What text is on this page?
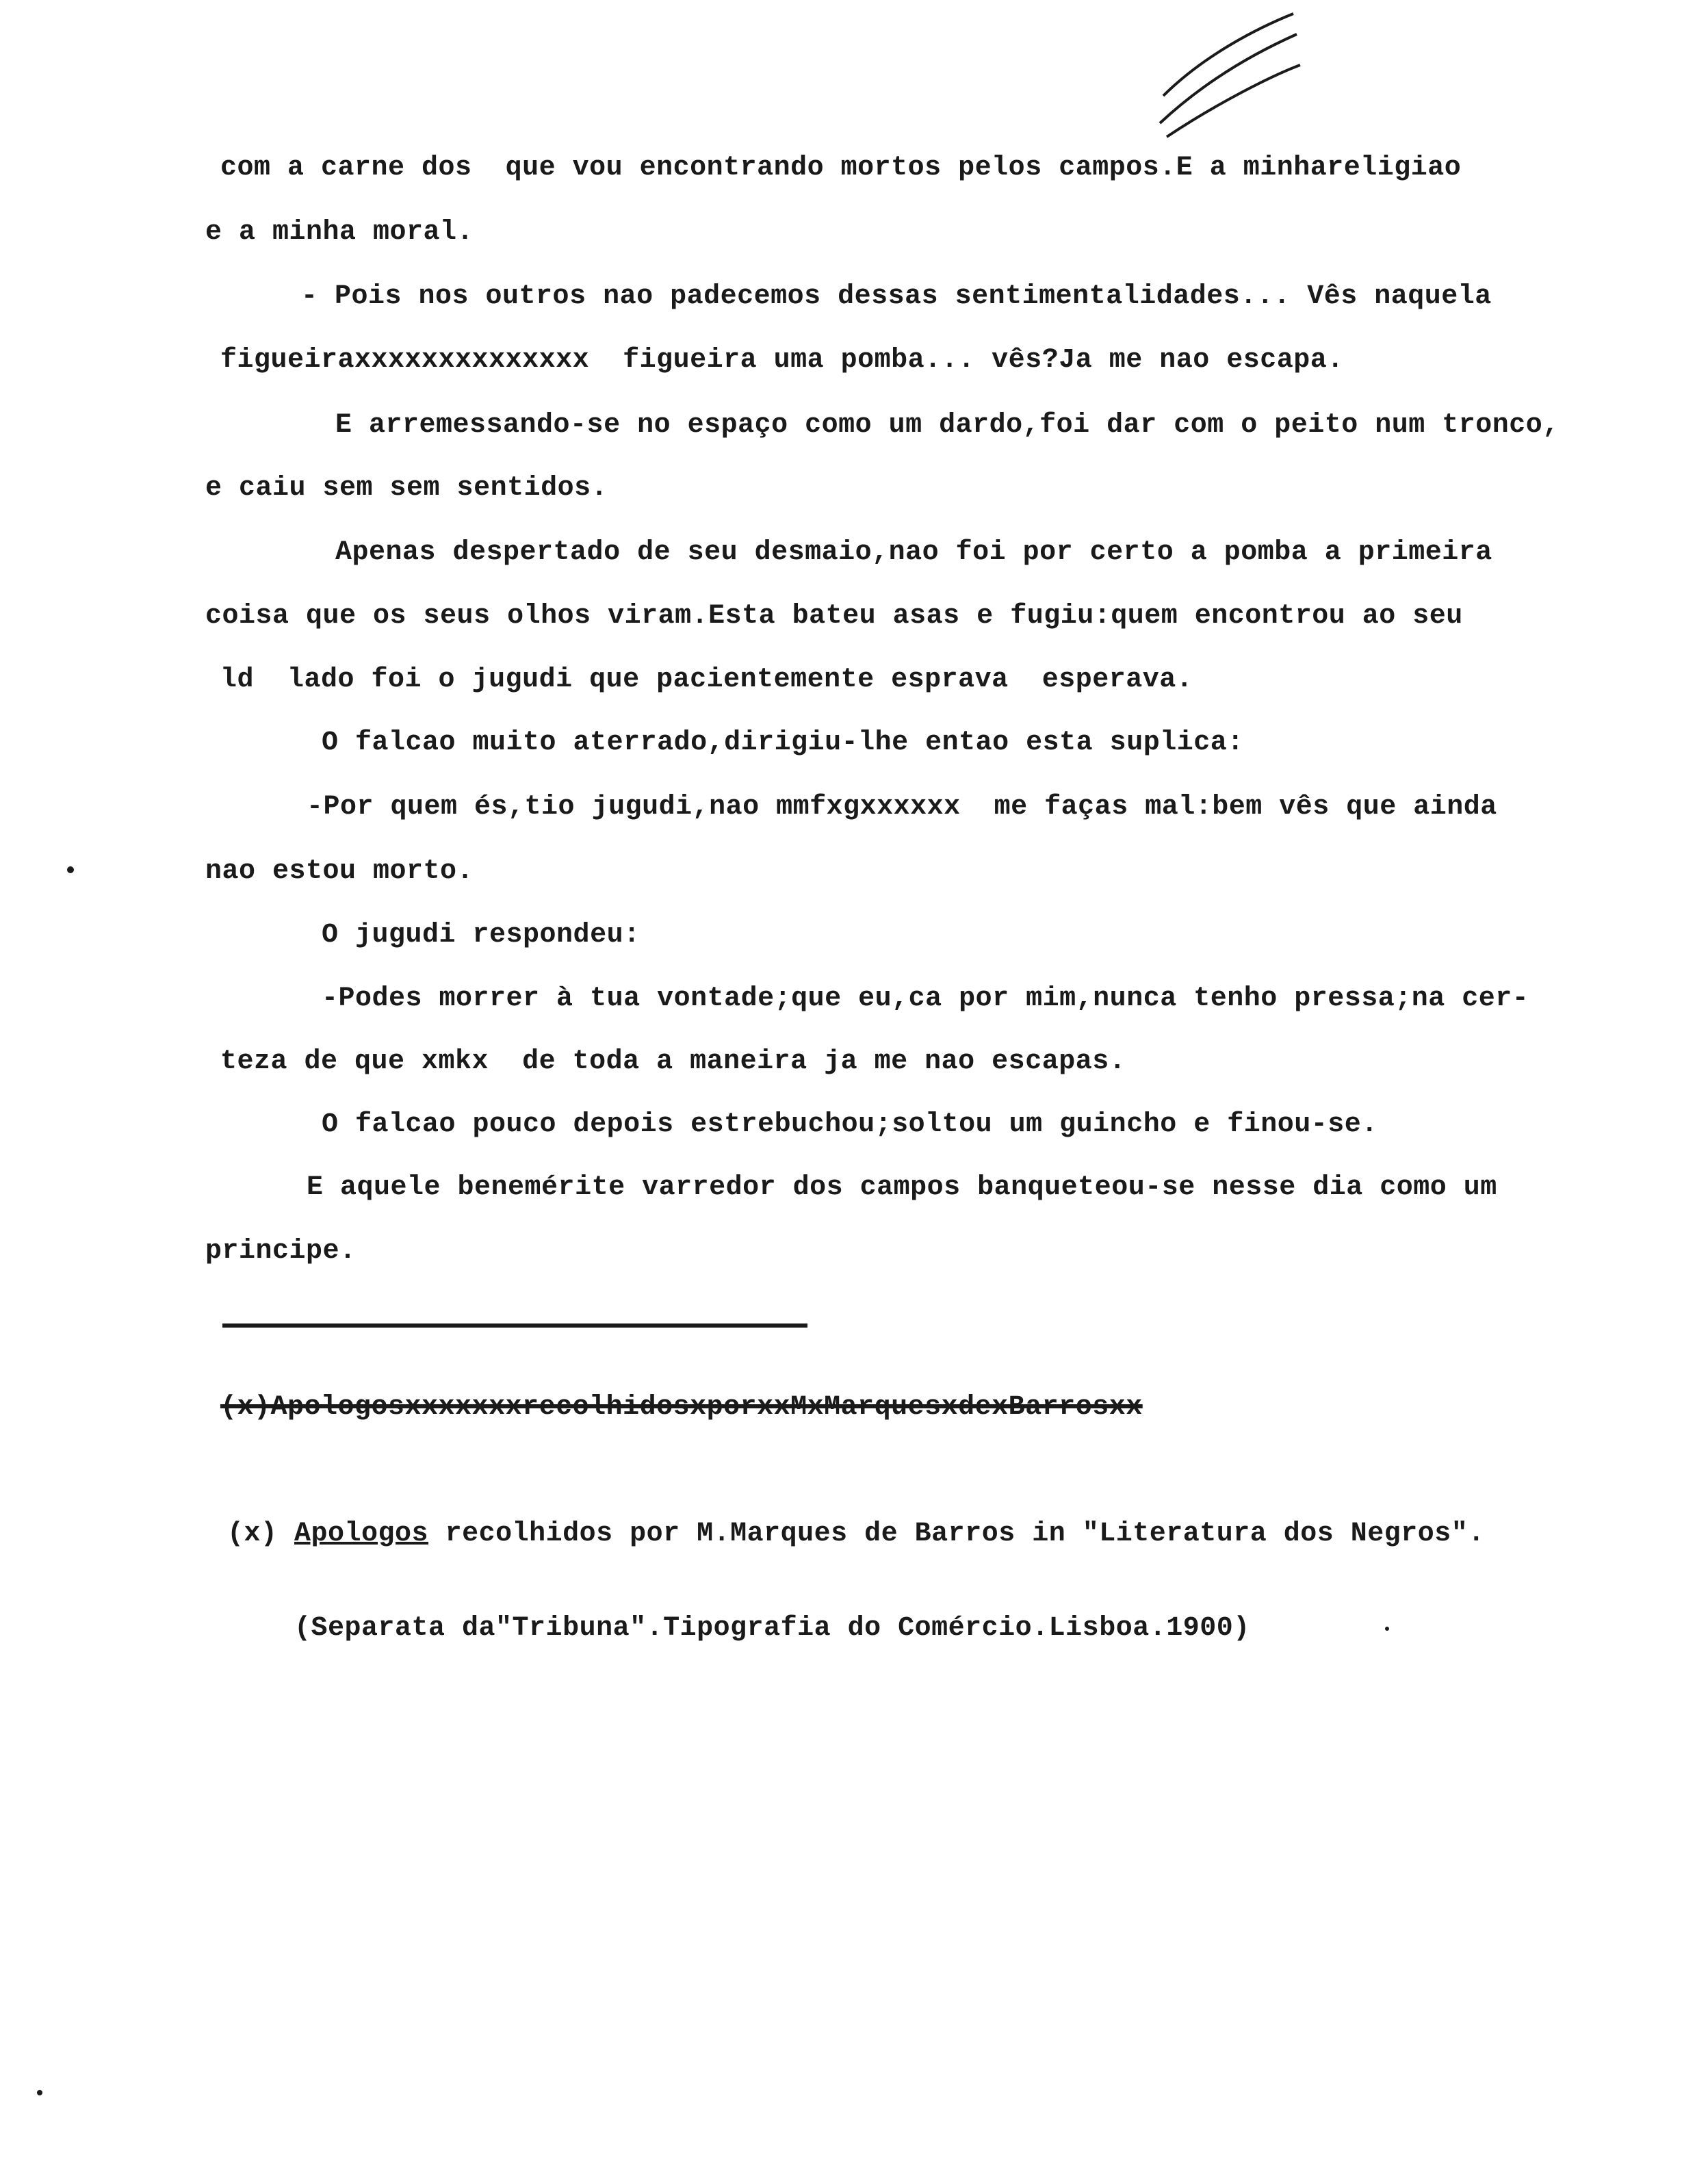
com a carne dos  que vou encontrando mortos pelos campos.E a minhareligiao
e a minha moral.
- Pois nos outros nao padecemos dessas sentimentalidades... Vês naquela
figueiraxxxxxxxxxxxxxx  figueira uma pomba... vês?Ja me nao escapa.
E arremessando-se no espaço como um dardo,foi dar com o peito num tronco,
e caiu sem sem sentidos.
Apenas despertado de seu desmaio,nao foi por certo a pomba a primeira
coisa que os seus olhos viram.Esta bateu asas e fugiu:quem encontrou ao seu
ld  lado foi o jugudi que pacientemente esprava  esperava.
O falcao muito aterrado,dirigiu-lhe entao esta suplica:
-Por quem és,tio jugudi,nao mmfxgxxxxxx  me faças mal:bem vês que ainda
nao estou morto.
O jugudi respondeu:
-Podes morrer à tua vontade;que eu,ca por mim,nunca tenho pressa;na cer-
teza de que xmkx  de toda a maneira ja me nao escapas.
O falcao pouco depois estrebuchou;soltou um guincho e finou-se.
E aquele benemérite varredor dos campos banqueteou-se nesse dia como um
principe.
(x)ApologosxxxxxxxrecolhidosxporxxMxMarquesxdexBarrosxx
(x) Apologos recolhidos por M.Marques de Barros in "Literatura dos Negros".
(Separata da"Tribuna".Tipografia do Comércio.Lisboa.1900)
